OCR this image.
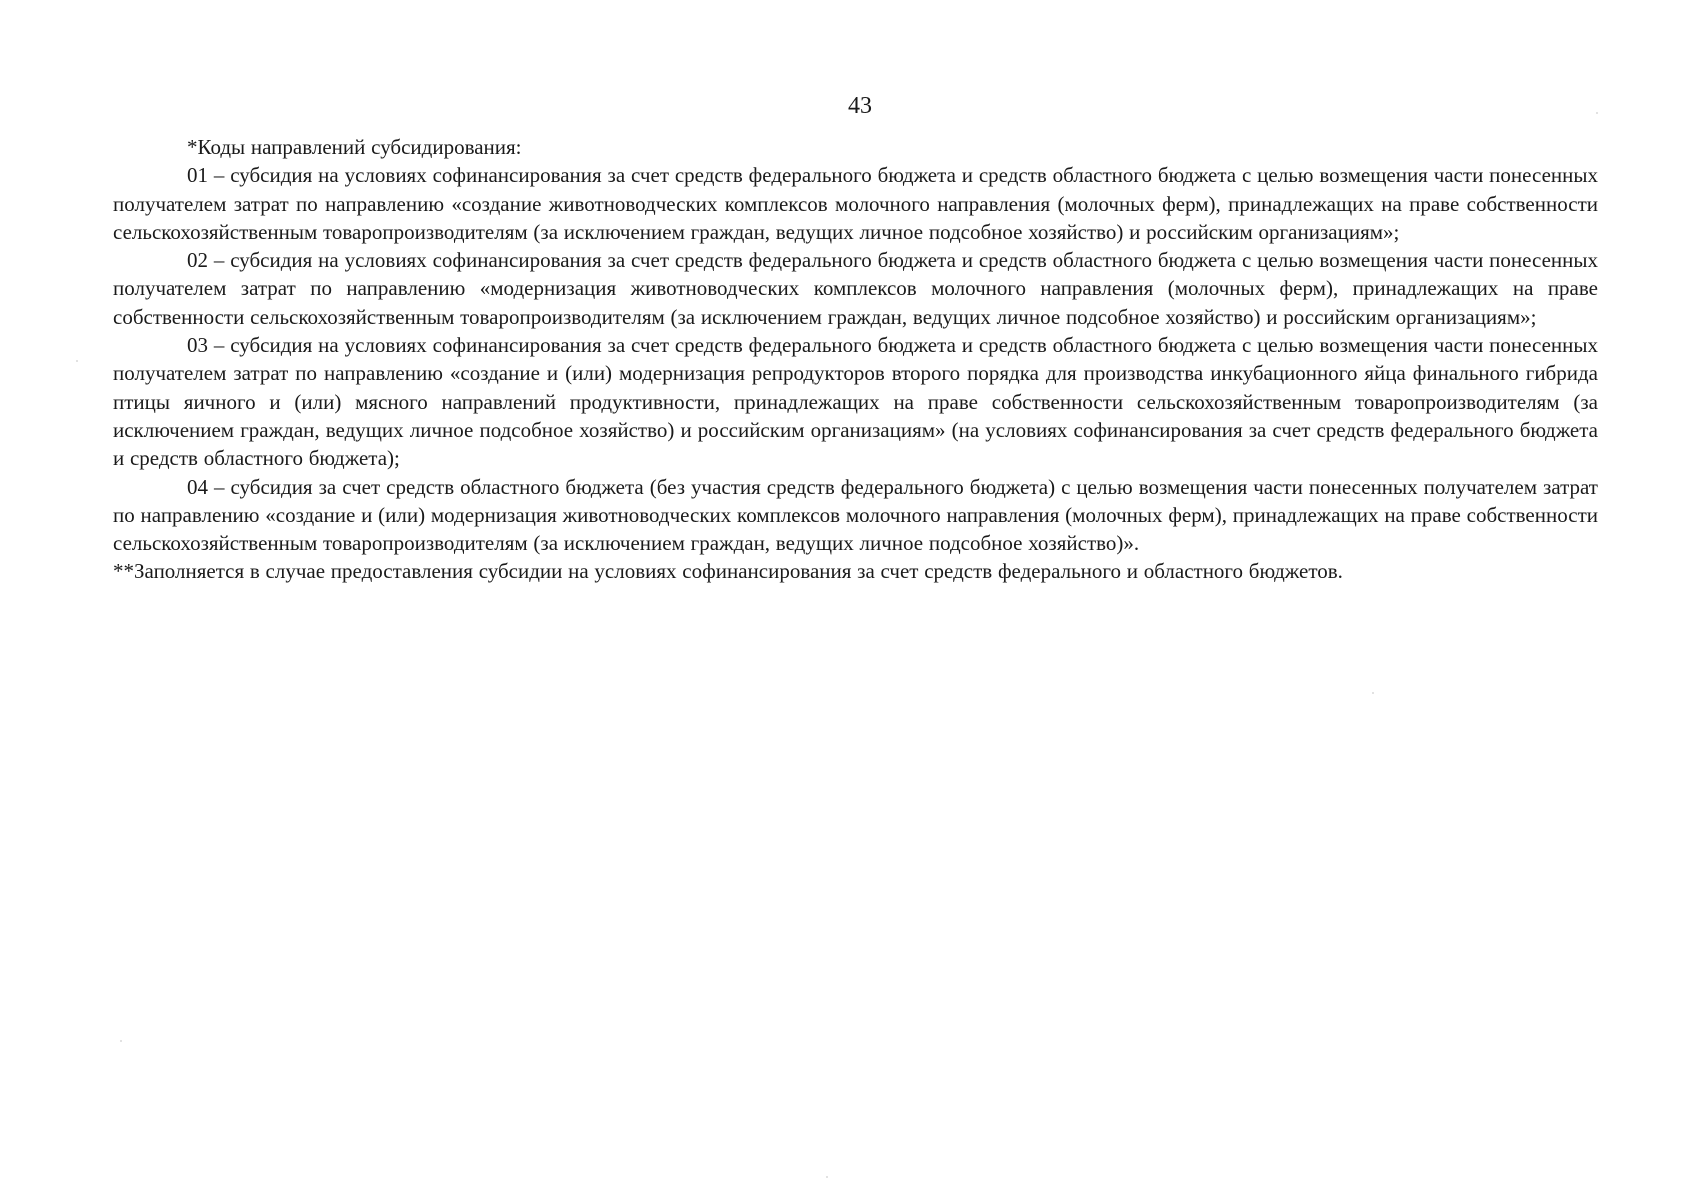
43

*Коды направлений субсидирования:

01 – субсидия на условиях софинансирования за счет средств федерального бюджета и средств областного бюджета с целью возмещения части понесенных получателем затрат по направлению «создание животноводческих комплексов молочного направления (молочных ферм), принадлежащих на праве собственности сельскохозяйственным товаропроизводителям (за исключением граждан, ведущих личное подсобное хозяйство) и российским организациям»;

02 – субсидия на условиях софинансирования за счет средств федерального бюджета и средств областного бюджета с целью возмещения части понесенных получателем затрат по направлению «модернизация животноводческих комплексов молочного направления (молочных ферм), принадлежащих на праве собственности сельскохозяйственным товаропроизводителям (за исключением граждан, ведущих личное подсобное хозяйство) и российским организациям»;

03 – субсидия на условиях софинансирования за счет средств федерального бюджета и средств областного бюджета с целью возмещения части понесенных получателем затрат по направлению «создание и (или) модернизация репродукторов второго порядка для производства инкубационного яйца финального гибрида птицы яичного и (или) мясного направлений продуктивности, принадлежащих на праве собственности сельскохозяйственным товаропроизводителям (за исключением граждан, ведущих личное подсобное хозяйство) и российским организациям» (на условиях софинансирования за счет средств федерального бюджета и средств областного бюджета);

04 – субсидия за счет средств областного бюджета (без участия средств федерального бюджета) с целью возмещения части понесенных получателем затрат по направлению «создание и (или) модернизация животноводческих комплексов молочного направления (молочных ферм), принадлежащих на праве собственности сельскохозяйственным товаропроизводителям (за исключением граждан, ведущих личное подсобное хозяйство)».

**Заполняется в случае предоставления субсидии на условиях софинансирования за счет средств федерального и областного бюджетов.
